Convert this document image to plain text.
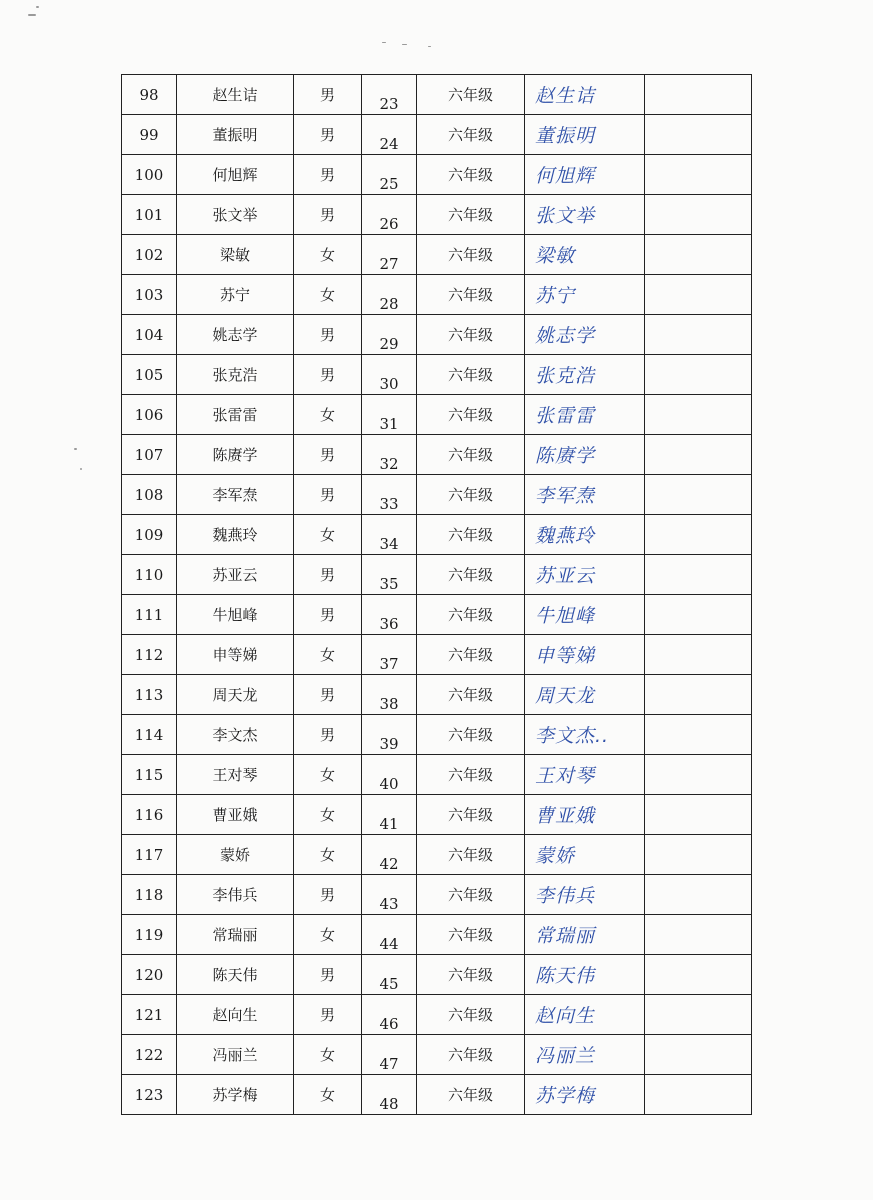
98	赵生诘	男	23	六年级	赵生诘	
99	董振明	男	24	六年级	董振明	
100	何旭辉	男	25	六年级	何旭辉	
101	张文举	男	26	六年级	张文举	
102	梁敏	女	27	六年级	梁敏	
103	苏宁	女	28	六年级	苏宁	
104	姚志学	男	29	六年级	姚志学	
105	张克浩	男	30	六年级	张克浩	
106	张雷雷	女	31	六年级	张雷雷	
107	陈赓学	男	32	六年级	陈赓学	
108	李军焘	男	33	六年级	李军焘	
109	魏燕玲	女	34	六年级	魏燕玲	
110	苏亚云	男	35	六年级	苏亚云	
111	牛旭峰	男	36	六年级	牛旭峰	
112	申等娣	女	37	六年级	申等娣	
113	周天龙	男	38	六年级	周天龙	
114	李文杰	男	39	六年级	李文杰..	
115	王对琴	女	40	六年级	王对琴	
116	曹亚娥	女	41	六年级	曹亚娥	
117	蒙娇	女	42	六年级	蒙娇	
118	李伟兵	男	43	六年级	李伟兵	
119	常瑞丽	女	44	六年级	常瑞丽	
120	陈天伟	男	45	六年级	陈天伟	
121	赵向生	男	46	六年级	赵向生	
122	冯丽兰	女	47	六年级	冯丽兰	
123	苏学梅	女	48	六年级	苏学梅	
